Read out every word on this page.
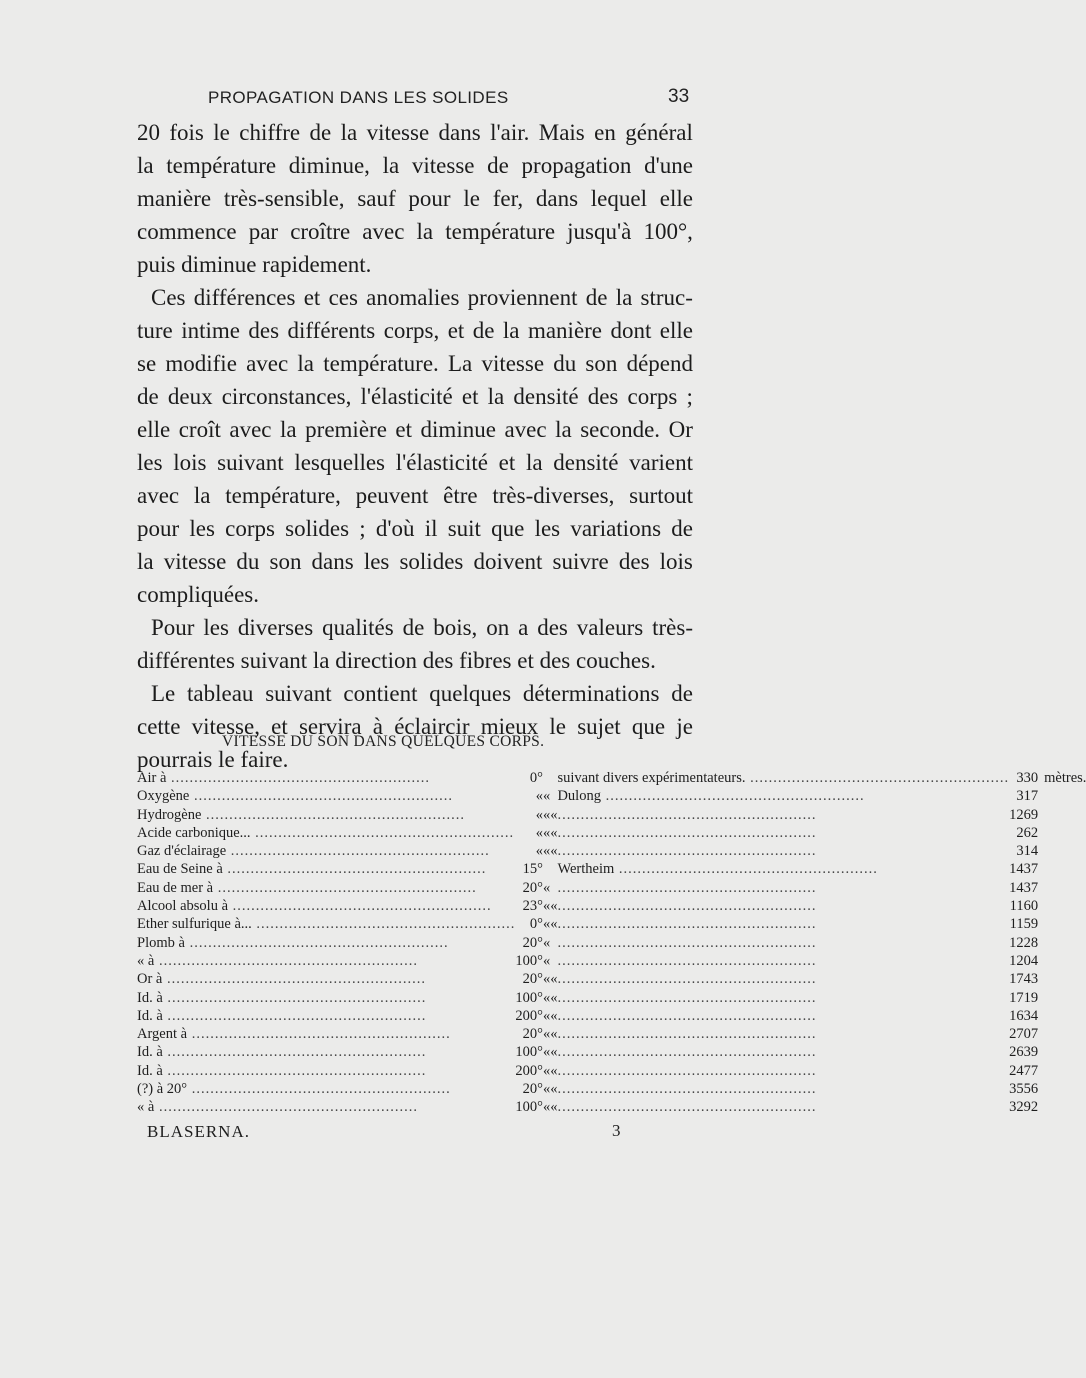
PROPAGATION DANS LES SOLIDES	33
20 fois le chiffre de la vitesse dans l'air. Mais en général
la température diminue, la vitesse de propagation d'une
manière très-sensible, sauf pour le fer, dans lequel elle
commence par croître avec la température jusqu'à 100°,
puis diminue rapidement.
Ces différences et ces anomalies proviennent de la struc-
ture intime des différents corps, et de la manière dont elle
se modifie avec la température. La vitesse du son dépend
de deux circonstances, l'élasticité et la densité des corps ;
elle croît avec la première et diminue avec la seconde. Or
les lois suivant lesquelles l'élasticité et la densité varient
avec la température, peuvent être très-diverses, surtout
pour les corps solides ; d'où il suit que les variations de
la vitesse du son dans les solides doivent suivre des lois
compliquées.
Pour les diverses qualités de bois, on a des valeurs très-
différentes suivant la direction des fibres et des couches.
Le tableau suivant contient quelques déterminations de
cette vitesse, et servira à éclaircir mieux le sujet que je
pourrais le faire.
VITESSE DU SON DANS QUELQUES CORPS.
Air à ........................................................	0°			suivant divers expérimentateurs. ........................................................	330	mètres.
Oxygène ........................................................	«	«		Dulong ........................................................	317	
Hydrogène ........................................................	«	«	«	........................................................	1269	
Acide carbonique... ........................................................	«	«	«	........................................................	262	
Gaz d'éclairage ........................................................	«	«	«	........................................................	314	
Eau de Seine à ........................................................	15°			Wertheim ........................................................	1437	
Eau de mer à ........................................................	20°	«		........................................................	1437	
Alcool absolu à ........................................................	23°	«	«	........................................................	1160	
Ether sulfurique à... ........................................................	0°	«	«	........................................................	1159	
Plomb à ........................................................	20°	«		........................................................	1228	
« à ........................................................	100°	«		........................................................	1204	
Or à ........................................................	20°	«	«	........................................................	1743	
Id. à ........................................................	100°	«	«	........................................................	1719	
Id. à ........................................................	200°	«	«	........................................................	1634	
Argent à ........................................................	20°	«	«	........................................................	2707	
Id. à ........................................................	100°	«	«	........................................................	2639	
Id. à ........................................................	200°	«	«	........................................................	2477	
(?) à 20° ........................................................	20°	«	«	........................................................	3556	
« à ........................................................	100°	«	«	........................................................	3292	
BLASERNA.	3
